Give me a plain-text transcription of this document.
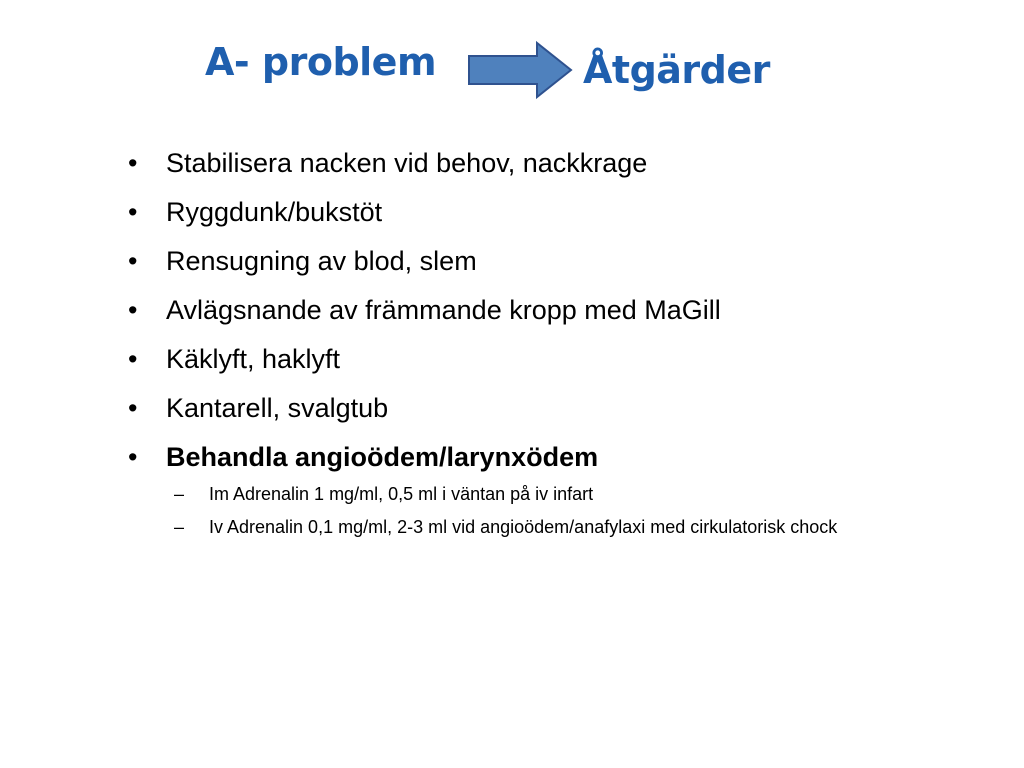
A- problem	Åtgärder
• Stabilisera nacken vid behov, nackkrage
• Ryggdunk/bukstöt
• Rensugning av blod, slem
• Avlägsnande av främmande kropp med MaGill
• Käklyft, haklyft
• Kantarell, svalgtub
• Behandla angioödem/larynxödem
– Im Adrenalin 1 mg/ml, 0,5 ml i väntan på iv infart
– Iv Adrenalin 0,1 mg/ml, 2-3 ml vid angioödem/anafylaxi med cirkulatorisk chock
